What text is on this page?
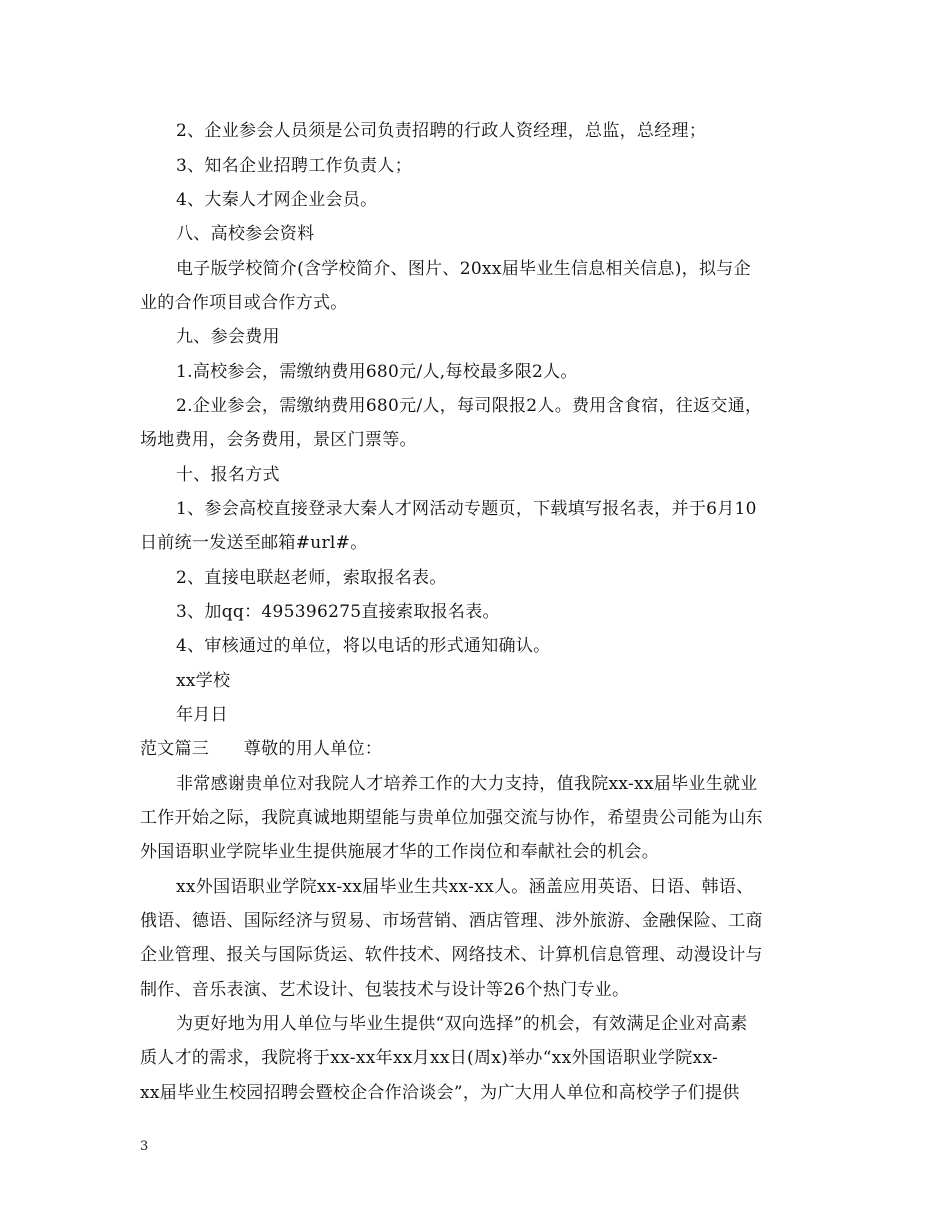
2、企业参会人员须是公司负责招聘的行政人资经理，总监，总经理；
3、知名企业招聘工作负责人；
4、大秦人才网企业会员。
八、高校参会资料
电子版学校简介(含学校简介、图片、20xx届毕业生信息相关信息)，拟与企
业的合作项目或合作方式。
九、参会费用
1.高校参会，需缴纳费用680元/人,每校最多限2人。
2.企业参会，需缴纳费用680元/人，每司限报2人。费用含食宿，往返交通，
场地费用，会务费用，景区门票等。
十、报名方式
1、参会高校直接登录大秦人才网活动专题页，下载填写报名表，并于6月10
日前统一发送至邮箱#url#。
2、直接电联赵老师，索取报名表。
3、加qq：495396275直接索取报名表。
4、审核通过的单位，将以电话的形式通知确认。
xx学校
年月日
范文篇三　　尊敬的用人单位：
非常感谢贵单位对我院人才培养工作的大力支持，值我院xx-xx届毕业生就业
工作开始之际，我院真诚地期望能与贵单位加强交流与协作，希望贵公司能为山东
外国语职业学院毕业生提供施展才华的工作岗位和奉献社会的机会。
xx外国语职业学院xx-xx届毕业生共xx-xx人。涵盖应用英语、日语、韩语、
俄语、德语、国际经济与贸易、市场营销、酒店管理、涉外旅游、金融保险、工商
企业管理、报关与国际货运、软件技术、网络技术、计算机信息管理、动漫设计与
制作、音乐表演、艺术设计、包装技术与设计等26个热门专业。
为更好地为用人单位与毕业生提供“双向选择”的机会，有效满足企业对高素
质人才的需求，我院将于xx-xx年xx月xx日(周x)举办“xx外国语职业学院xx-
xx届毕业生校园招聘会暨校企合作洽谈会”，为广大用人单位和高校学子们提供
3
